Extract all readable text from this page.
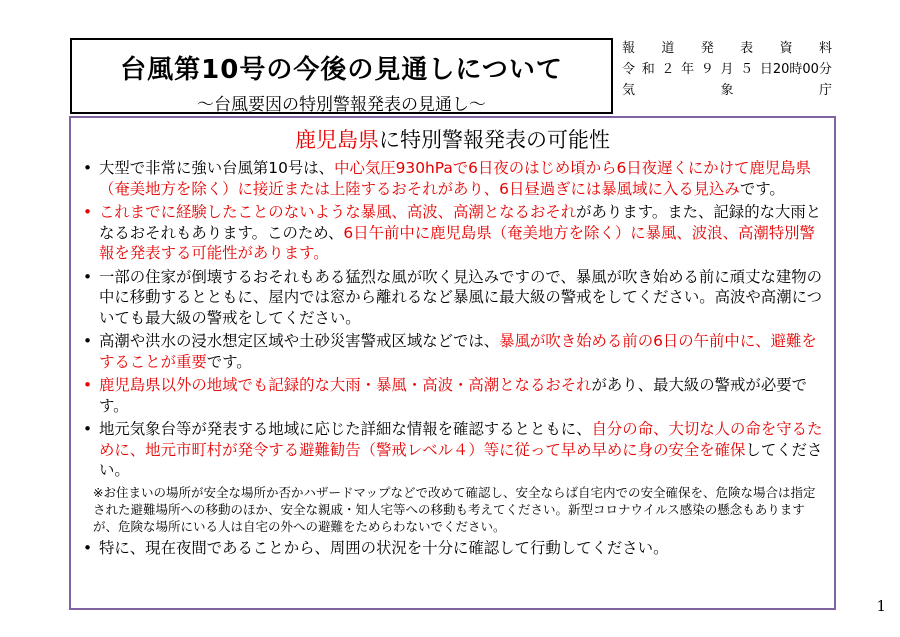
台風第10号の今後の見通しについて
～台風要因の特別警報発表の見通し～
報 道 発 表 資 料
令 和 ２ 年 ９ 月 ５ 日20時00分
気	象	庁
鹿児島県に特別警報発表の可能性
• 大型で非常に強い台風第10号は、中心気圧930hPaで6日夜のはじめ頃から6日夜遅くにかけて鹿児島県（奄美地方を除く）に接近または上陸するおそれがあり、6日昼過ぎには暴風域に入る見込みです。
• これまでに経験したことのないような暴風、高波、高潮となるおそれがあります。また、記録的な大雨となるおそれもあります。このため、6日午前中に鹿児島県（奄美地方を除く）に暴風、波浪、高潮特別警報を発表する可能性があります。
• 一部の住家が倒壊するおそれもある猛烈な風が吹く見込みですので、暴風が吹き始める前に頑丈な建物の中に移動するとともに、屋内では窓から離れるなど暴風に最大級の警戒をしてください。高波や高潮についても最大級の警戒をしてください。
• 高潮や洪水の浸水想定区域や土砂災害警戒区域などでは、暴風が吹き始める前の6日の午前中に、避難をすることが重要です。
• 鹿児島県以外の地域でも記録的な大雨・暴風・高波・高潮となるおそれがあり、最大級の警戒が必要です。
• 地元気象台等が発表する地域に応じた詳細な情報を確認するとともに、自分の命、大切な人の命を守るために、地元市町村が発令する避難勧告（警戒レベル４）等に従って早め早めに身の安全を確保してください。
※お住まいの場所が安全な場所か否かハザードマップなどで改めて確認し、安全ならば自宅内での安全確保を、危険な場合は指定された避難場所への移動のほか、安全な親戚・知人宅等への移動も考えてください。新型コロナウイルス感染の懸念もありますが、危険な場所にいる人は自宅の外への避難をためらわないでください。
• 特に、現在夜間であることから、周囲の状況を十分に確認して行動してください。
1
